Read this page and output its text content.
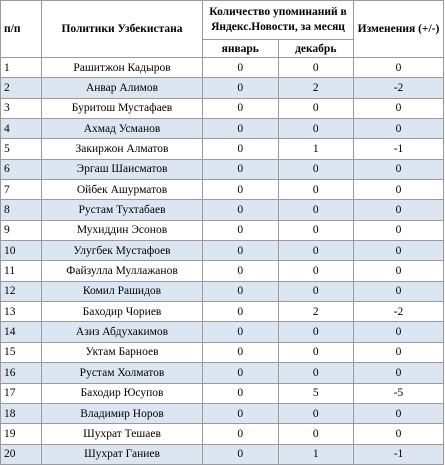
п/п	Политики Узбекистана	Количество упоминаний в Яндекс.Новости, за месяц		Изменения (+/-)
		январь	декабрь	
1	Рашитжон Кадыров	0	0	0
2	Анвар Алимов	0	2	-2
3	Буритош Мустафаев	0	0	0
4	Ахмад Усманов	0	0	0
5	Закиржон Алматов	0	1	-1
6	Эргаш Шаисматов	0	0	0
7	Ойбек Ашурматов	0	0	0
8	Рустам Тухтабаев	0	0	0
9	Мухиддин Эсонов	0	0	0
10	Улугбек Мустафоев	0	0	0
11	Файзулла Муллажанов	0	0	0
12	Комил Рашидов	0	0	0
13	Баходир Чориев	0	2	-2
14	Азиз Абдухакимов	0	0	0
15	Уктам Барноев	0	0	0
16	Рустам Холматов	0	0	0
17	Баходир Юсупов	0	5	-5
18	Владимир Норов	0	0	0
19	Шухрат Тешаев	0	0	0
20	Шухрат Ганиев	0	1	-1
